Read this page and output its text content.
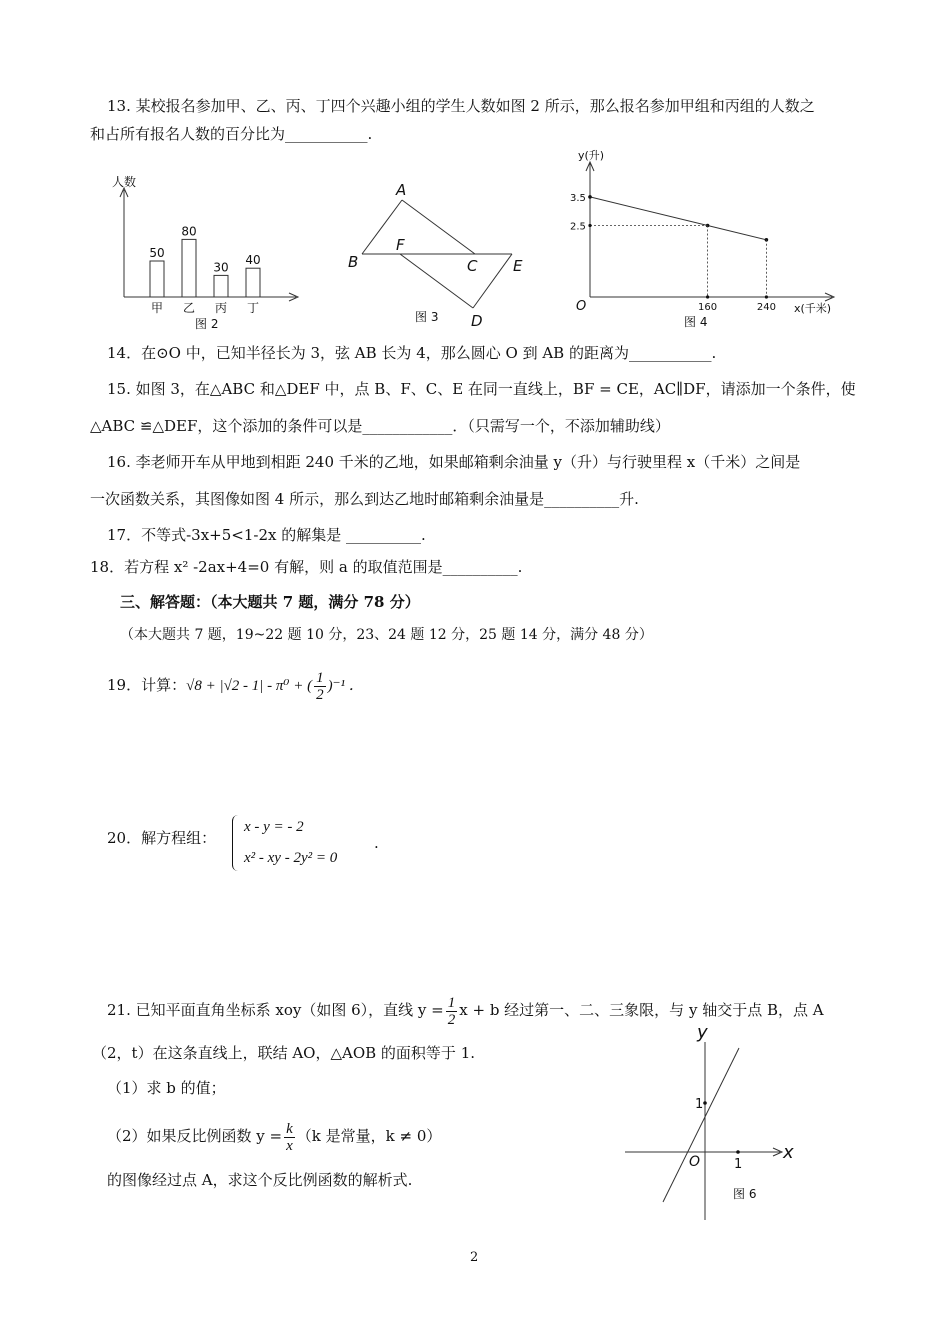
13. 某校报名参加甲、乙、丙、丁四个兴趣小组的学生人数如图 2 所示，那么报名参加甲组和丙组的人数之
和占所有报名人数的百分比为___________.
人数
50
甲
80
乙
30
丙
40
丁
图 2
A
B
F
C E
D
图 3
3.5
2.5
160	240
y(升)
x(千米)
O
图 4
14．在⊙O 中，已知半径长为 3，弦 AB 长为 4，那么圆心 O 到 AB 的距离为___________.
15. 如图 3，在△ABC 和△DEF 中，点 B、F、C、E 在同一直线上，BF = CE，AC∥DF，请添加一个条件，使
△ABC ≌△DEF，这个添加的条件可以是____________．（只需写一个，不添加辅助线）
16. 李老师开车从甲地到相距 240 千米的乙地，如果邮箱剩余油量 y（升）与行驶里程 x（千米）之间是
一次函数关系，其图像如图 4 所示，那么到达乙地时邮箱剩余油量是__________升.
17．不等式-3x+5<1-2x 的解集是 __________.
18．若方程 x² -2ax+4=0 有解，则 a 的取值范围是__________.
三、解答题：（本大题共 7 题，满分 78 分）
（本大题共 7 题，19~22 题 10 分，23、24 题 12 分，25 题 14 分，满分 48 分）
19．计算：√8 + |√2 - 1| - π⁰ + ( $\frac{1}{2} )^{-1}$ ．
20．解方程组：
x - y = - 2
x² - xy - 2y² = 0
.
21. 已知平面直角坐标系 xoy（如图 6），直线 $y = \frac{1}{2}$ x + b 经过第一、二、三象限，与 y 轴交于点 B，点 A
（2，t）在这条直线上，联结 AO，△AOB 的面积等于 1.
（1）求 b 的值；
（2）如果反比例函数 $y = \frac{k}{x} (k$ 是常量，k ≠ 0）
的图像经过点 A，求这个反比例函数的解析式.
y
x
O
1
1
图 6
2
